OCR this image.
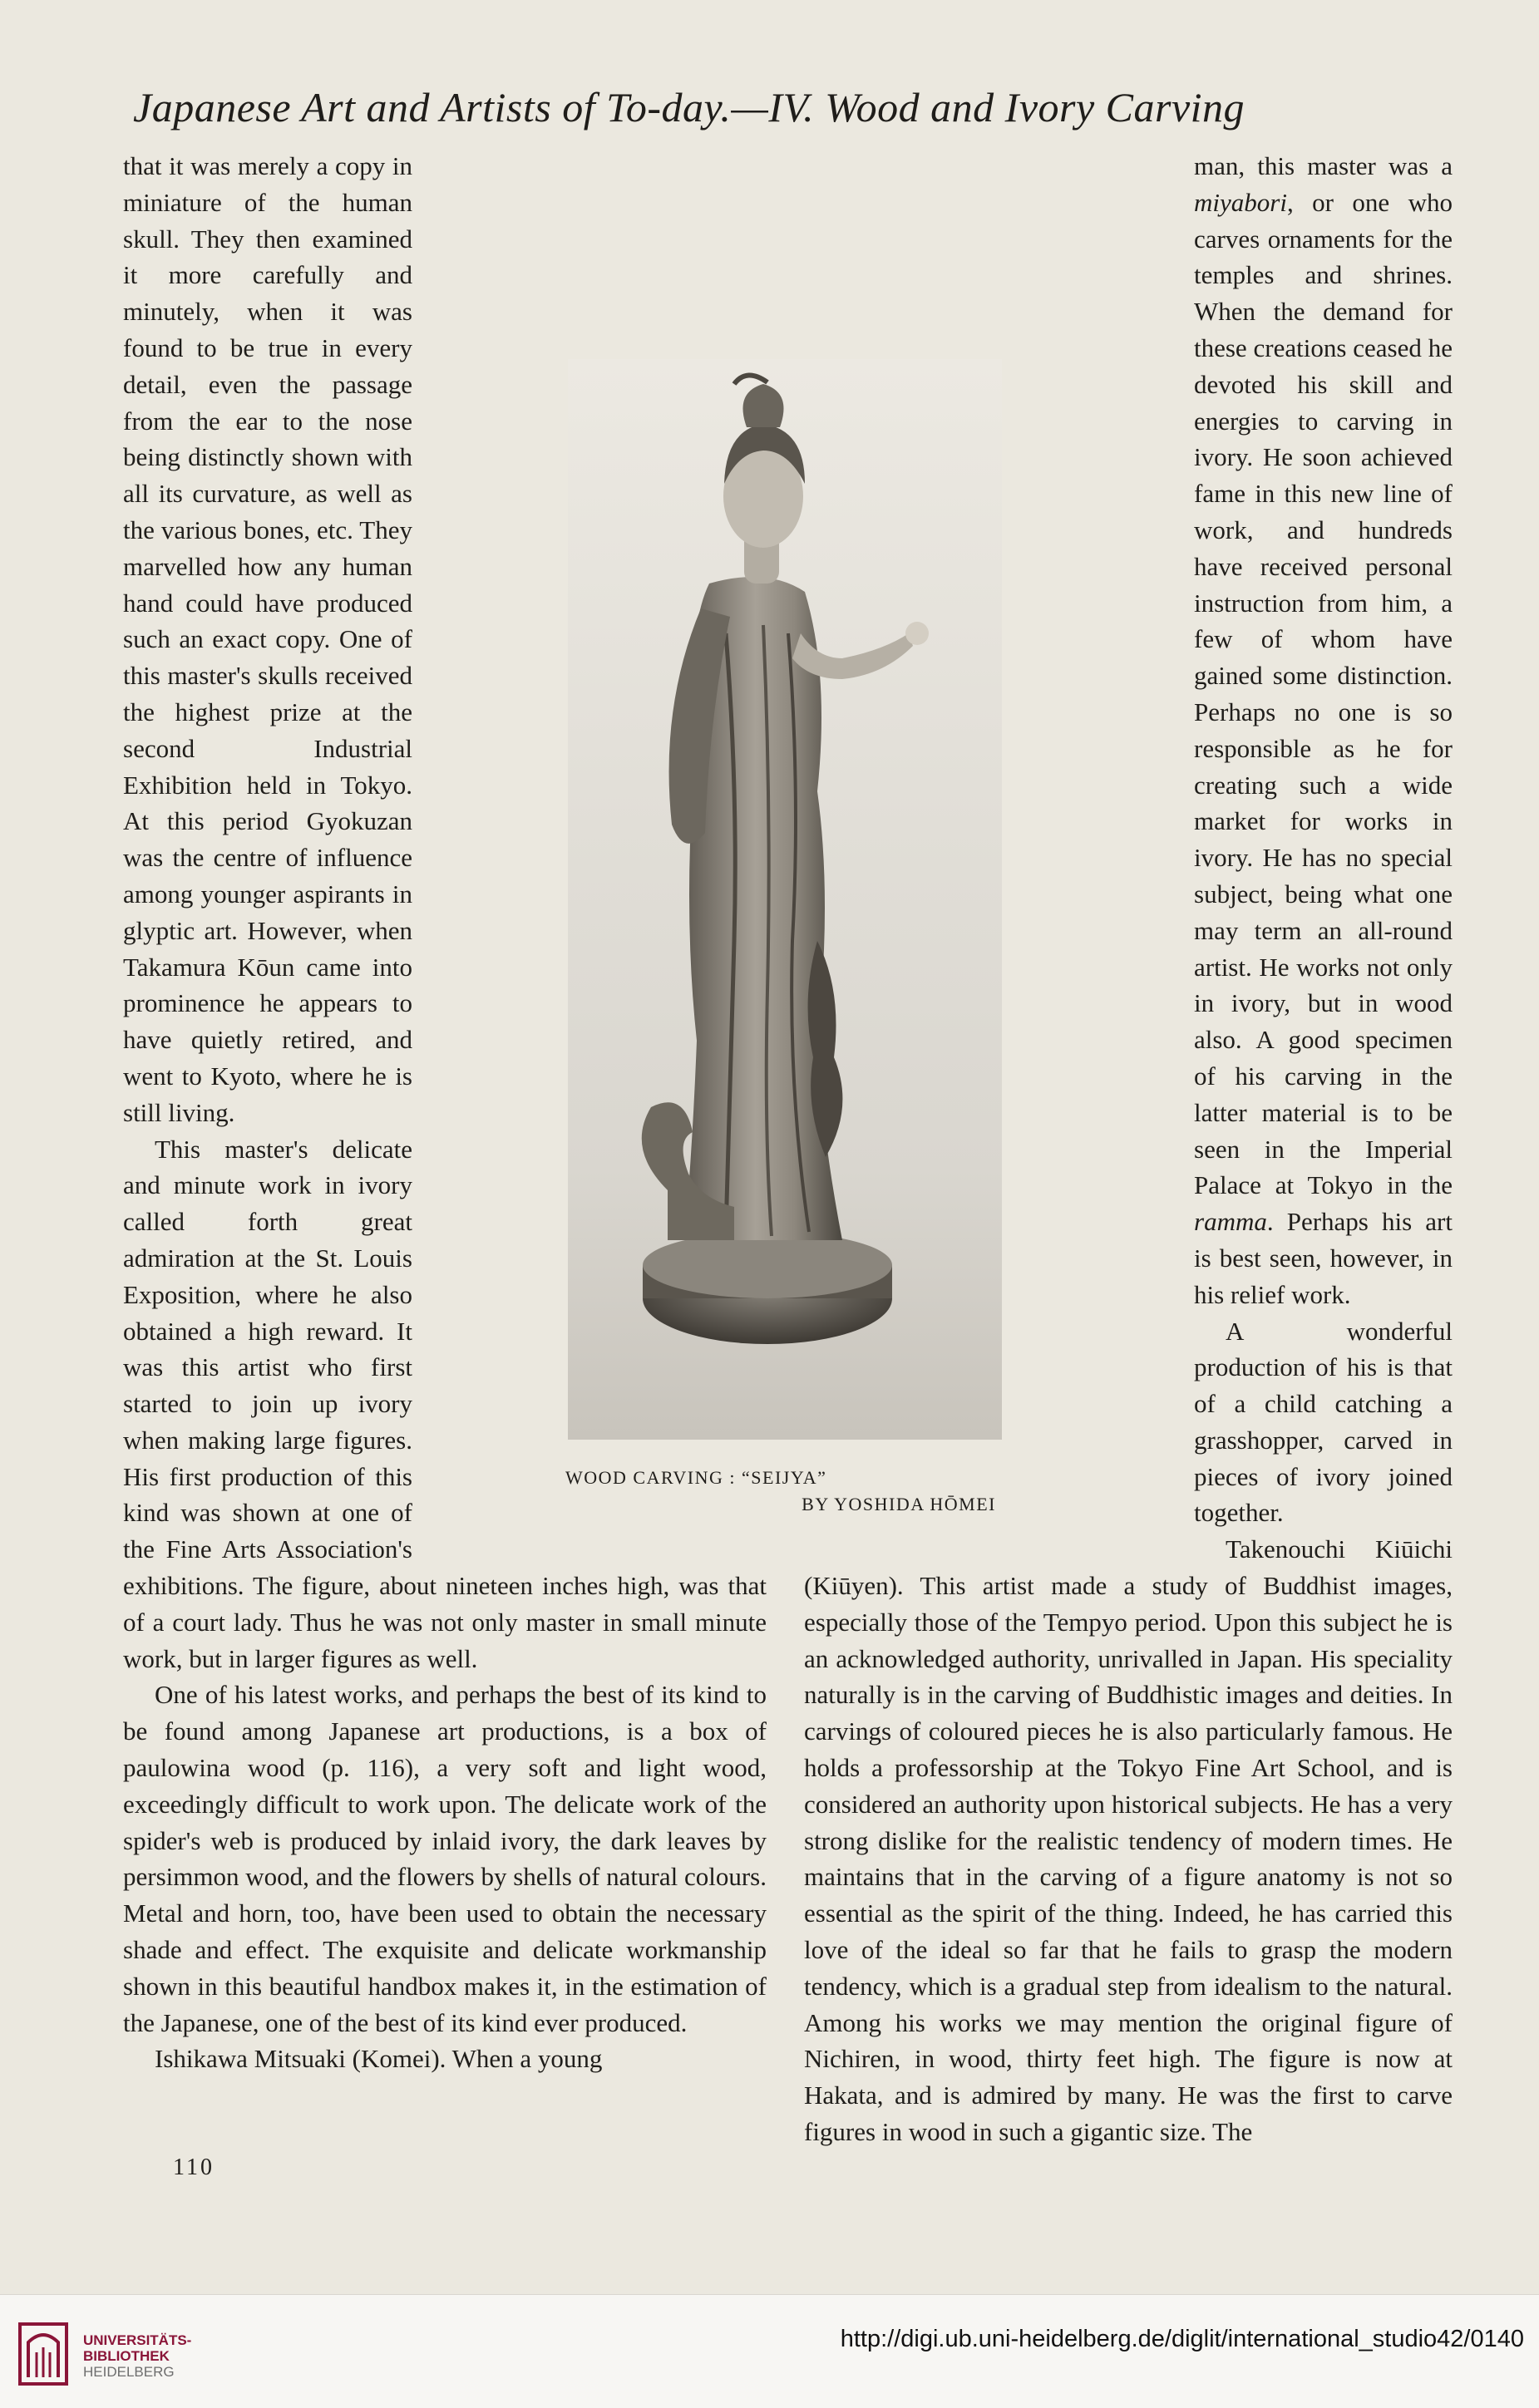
Japanese Art and Artists of To-day.—IV. Wood and Ivory Carving

that it was merely a copy in miniature of the human skull. They then examined it more carefully and minutely, when it was found to be true in every detail, even the passage from the ear to the nose being distinctly shown with all its curvature, as well as the various bones, etc. They marvelled how any human hand could have produced such an exact copy. One of this master's skulls received the highest prize at the second Industrial Exhibition held in Tokyo. At this period Gyokuzan was the centre of influence among younger aspirants in glyptic art. However, when Takamura Kōun came into prominence he appears to have quietly retired, and went to Kyoto, where he is still living.

This master's delicate and minute work in ivory called forth great admiration at the St. Louis Exposition, where he also obtained a high reward. It was this artist who first started to join up ivory when making large figures. His first production of this kind was shown at one of the Fine Arts Association's exhibitions. The figure, about nineteen inches high, was that of a court lady. Thus he was not only master in small minute work, but in larger figures as well.

One of his latest works, and perhaps the best of its kind to be found among Japanese art productions, is a box of paulowina wood (p. 116), a very soft and light wood, exceedingly difficult to work upon. The delicate work of the spider's web is produced by inlaid ivory, the dark leaves by persimmon wood, and the flowers by shells of natural colours. Metal and horn, too, have been used to obtain the necessary shade and effect. The exquisite and delicate workmanship shown in this beautiful handbox makes it, in the estimation of the Japanese, one of the best of its kind ever produced.

Ishikawa Mitsuaki (Komei). When a young

man, this master was a miyabori, or one who carves ornaments for the temples and shrines. When the demand for these creations ceased he devoted his skill and energies to carving in ivory. He soon achieved fame in this new line of work, and hundreds have received personal instruction from him, a few of whom have gained some distinction. Perhaps no one is so responsible as he for creating such a wide market for works in ivory. He has no special subject, being what one may term an all-round artist. He works not only in ivory, but in wood also. A good specimen of his carving in the latter material is to be seen in the Imperial Palace at Tokyo in the ramma. Perhaps his art is best seen, however, in his relief work.

A wonderful production of his is that of a child catching a grasshopper, carved in pieces of ivory joined together.

Takenouchi Kiūichi (Kiūyen). This artist made a study of Buddhist images, especially those of the Tempyo period. Upon this subject he is an acknowledged authority, unrivalled in Japan. His speciality naturally is in the carving of Buddhistic images and deities. In carvings of coloured pieces he is also particularly famous. He holds a professorship at the Tokyo Fine Art School, and is considered an authority upon historical subjects. He has a very strong dislike for the realistic tendency of modern times. He maintains that in the carving of a figure anatomy is not so essential as the spirit of the thing. Indeed, he has carried this love of the ideal so far that he fails to grasp the modern tendency, which is a gradual step from idealism to the natural. Among his works we may mention the original figure of Nichiren, in wood, thirty feet high. The figure is now at Hakata, and is admired by many. He was the first to carve figures in wood in such a gigantic size. The

WOOD CARVING : “SEIJYA”
BY YOSHIDA HŌMEI
110
UNIVERSITÄTS-
BIBLIOTHEK
HEIDELBERG
http://digi.ub.uni-heidelberg.de/diglit/international_studio42/0140
